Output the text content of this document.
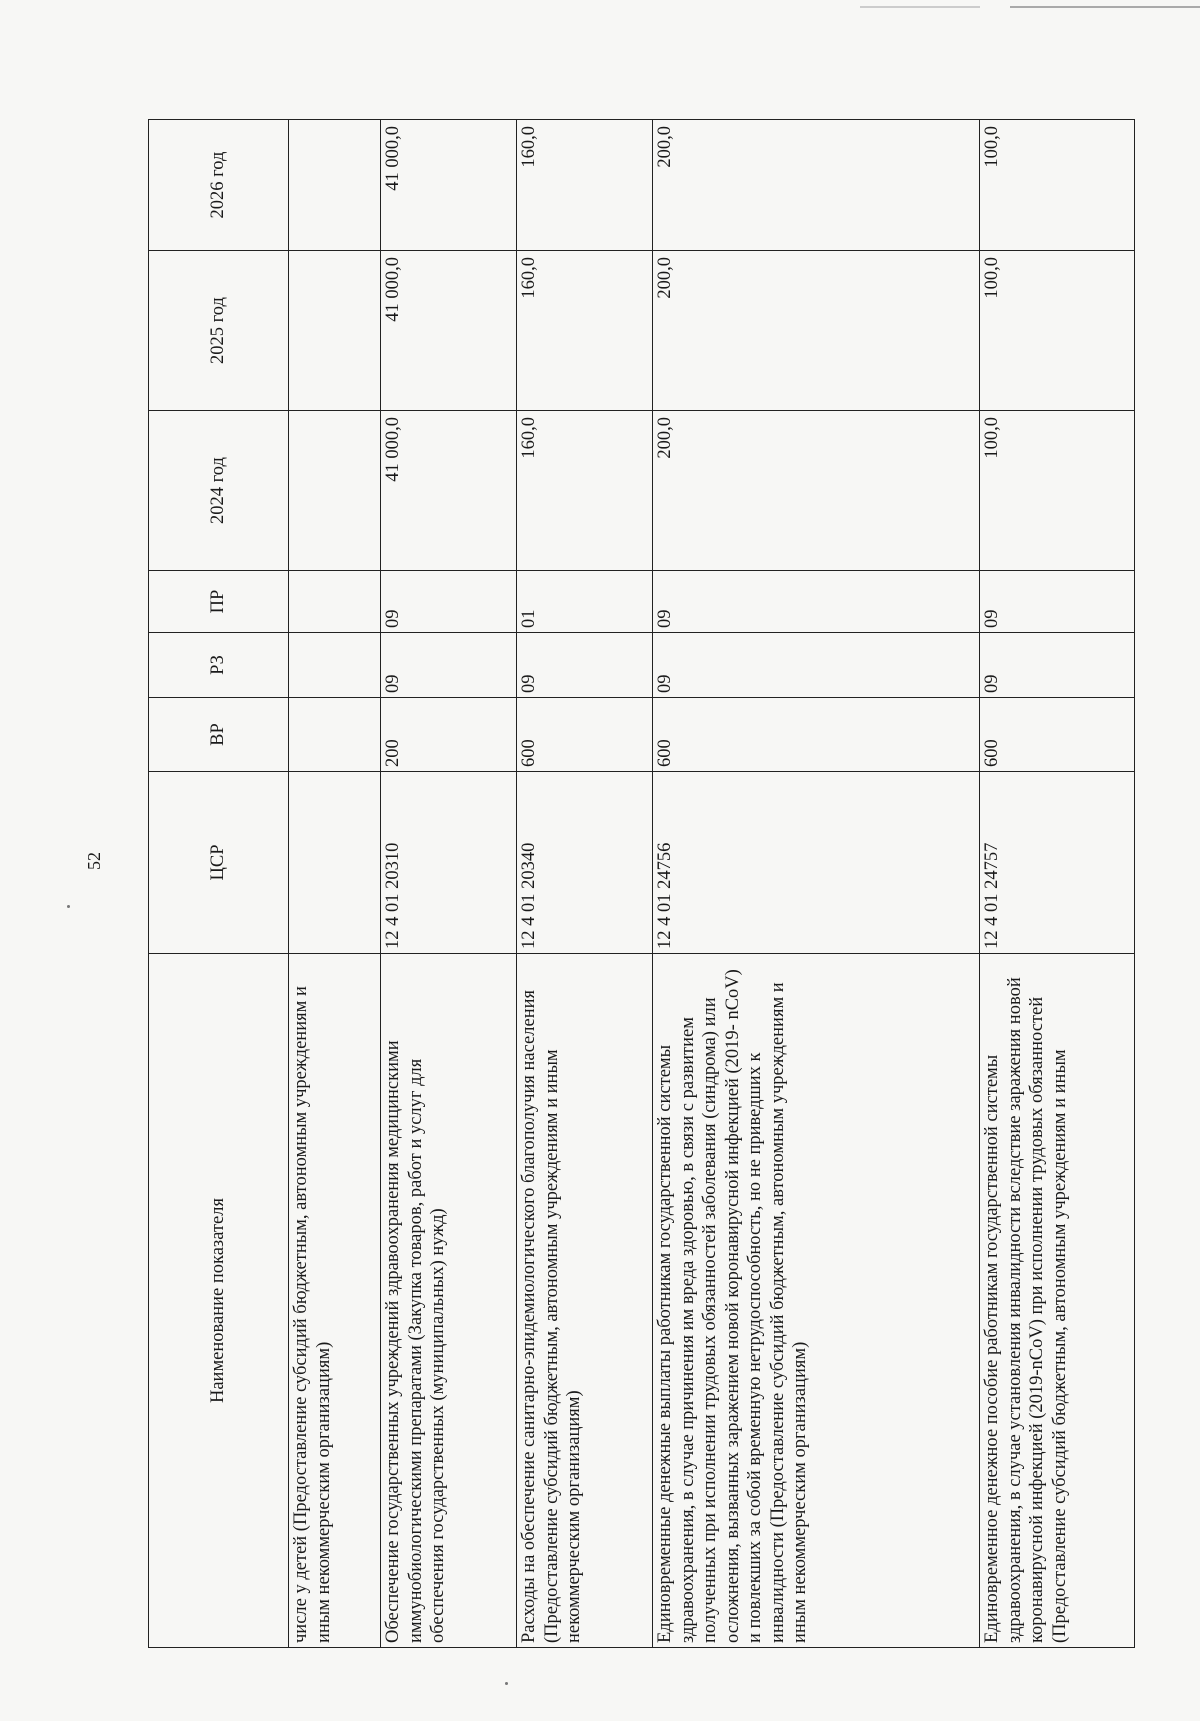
52
Наименование показателя	ЦСР	ВР	РЗ	ПР	2024 год	2025 год	2026 год
числе у детей (Предоставление субсидий бюджетным, автономным учреждениям и иным некоммерческим организациям)							
Обеспечение государственных учреждений здравоохранения медицинскими иммунобиологическими препаратами (Закупка товаров, работ и услуг для обеспечения государственных (муниципальных) нужд)	12 4 01 20310	200	09	09	41 000,0	41 000,0	41 000,0
Расходы на обеспечение санитарно-эпидемиологического благополучия населения (Предоставление субсидий бюджетным, автономным учреждениям и иным некоммерческим организациям)	12 4 01 20340	600	09	01	160,0	160,0	160,0
Единовременные денежные выплаты работникам государственной системы здравоохранения, в случае причинения им вреда здоровью, в связи с развитием полученных при исполнении трудовых обязанностей заболевания (синдрома) или осложнения, вызванных заражением новой коронавирусной инфекцией (2019- nCoV) и повлекших за собой временную нетрудоспособность, но не приведших к инвалидности (Предоставление субсидий бюджетным, автономным учреждениям и иным некоммерческим организациям)	12 4 01 24756	600	09	09	200,0	200,0	200,0
Единовременное денежное пособие работникам государственной системы здравоохранения, в случае установления инвалидности вследствие заражения новой коронавирусной инфекцией (2019-nCoV) при исполнении трудовых обязанностей (Предоставление субсидий бюджетным, автономным учреждениям и иным	12 4 01 24757	600	09	09	100,0	100,0	100,0
